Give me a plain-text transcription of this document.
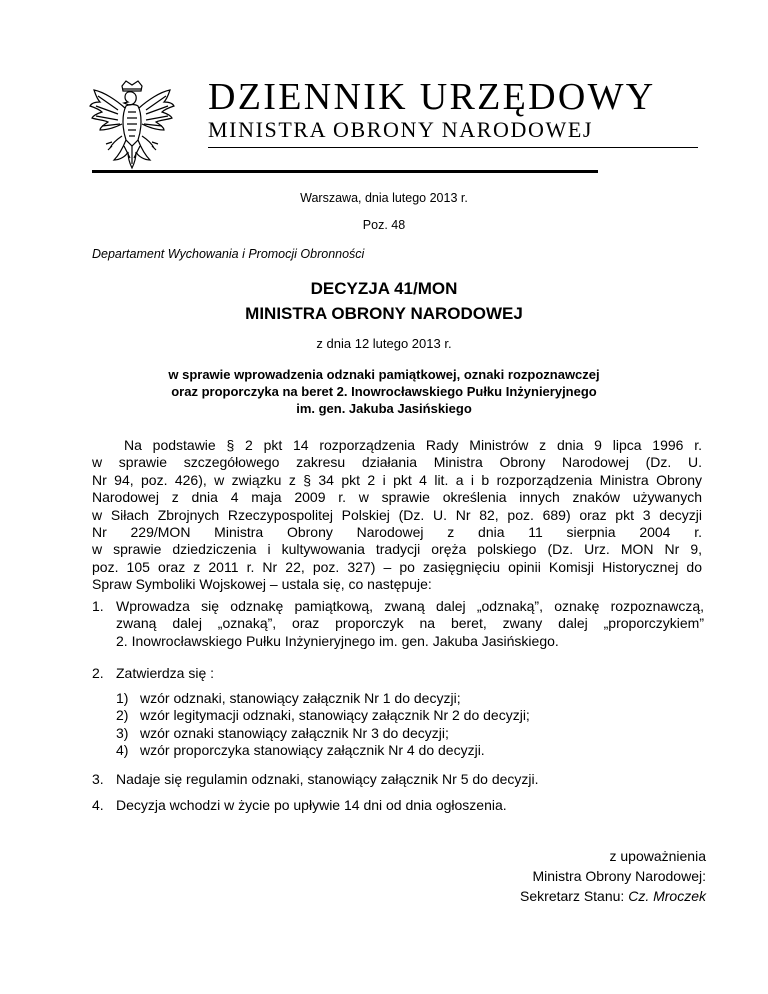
DZIENNIK URZĘDOWY
MINISTRA OBRONY NARODOWEJ
Warszawa, dnia lutego 2013 r.
Poz. 48
Departament Wychowania i Promocji Obronności
DECYZJA 41/MON
MINISTRA OBRONY NARODOWEJ
z dnia 12 lutego 2013 r.
w sprawie wprowadzenia odznaki pamiątkowej, oznaki rozpoznawczej
oraz proporczyka na beret 2. Inowrocławskiego Pułku Inżynieryjnego
im. gen. Jakuba Jasińskiego
Na podstawie § 2 pkt 14 rozporządzenia Rady Ministrów z dnia 9 lipca 1996 r.
w sprawie szczegółowego zakresu działania Ministra Obrony Narodowej (Dz. U.
Nr 94, poz. 426), w związku z § 34 pkt 2 i pkt 4 lit. a i b rozporządzenia Ministra Obrony
Narodowej z dnia 4 maja 2009 r. w sprawie określenia innych znaków używanych
w Siłach Zbrojnych Rzeczypospolitej Polskiej (Dz. U. Nr 82, poz. 689) oraz pkt 3 decyzji
Nr 229/MON Ministra Obrony Narodowej z dnia 11 sierpnia 2004 r.
w sprawie dziedziczenia i kultywowania tradycji oręża polskiego (Dz. Urz. MON Nr 9,
poz. 105 oraz z 2011 r. Nr 22, poz. 327) – po zasięgnięciu opinii Komisji Historycznej do
Spraw Symboliki Wojskowej – ustala się, co następuje:
1. Wprowadza się odznakę pamiątkową, zwaną dalej „odznaką”, oznakę rozpoznawczą,
zwaną dalej „oznaką”, oraz proporczyk na beret, zwany dalej „proporczykiem”
2. Inowrocławskiego Pułku Inżynieryjnego im. gen. Jakuba Jasińskiego.
2. Zatwierdza się :
1) wzór odznaki, stanowiący załącznik Nr 1 do decyzji;
2) wzór legitymacji odznaki, stanowiący załącznik Nr 2 do decyzji;
3) wzór oznaki stanowiący załącznik Nr 3 do decyzji;
4) wzór proporczyka stanowiący załącznik Nr 4 do decyzji.
3. Nadaje się regulamin odznaki, stanowiący załącznik Nr 5 do decyzji.
4. Decyzja wchodzi w życie po upływie 14 dni od dnia ogłoszenia.
z upoważnienia
Ministra Obrony Narodowej:
Sekretarz Stanu: Cz. Mroczek
